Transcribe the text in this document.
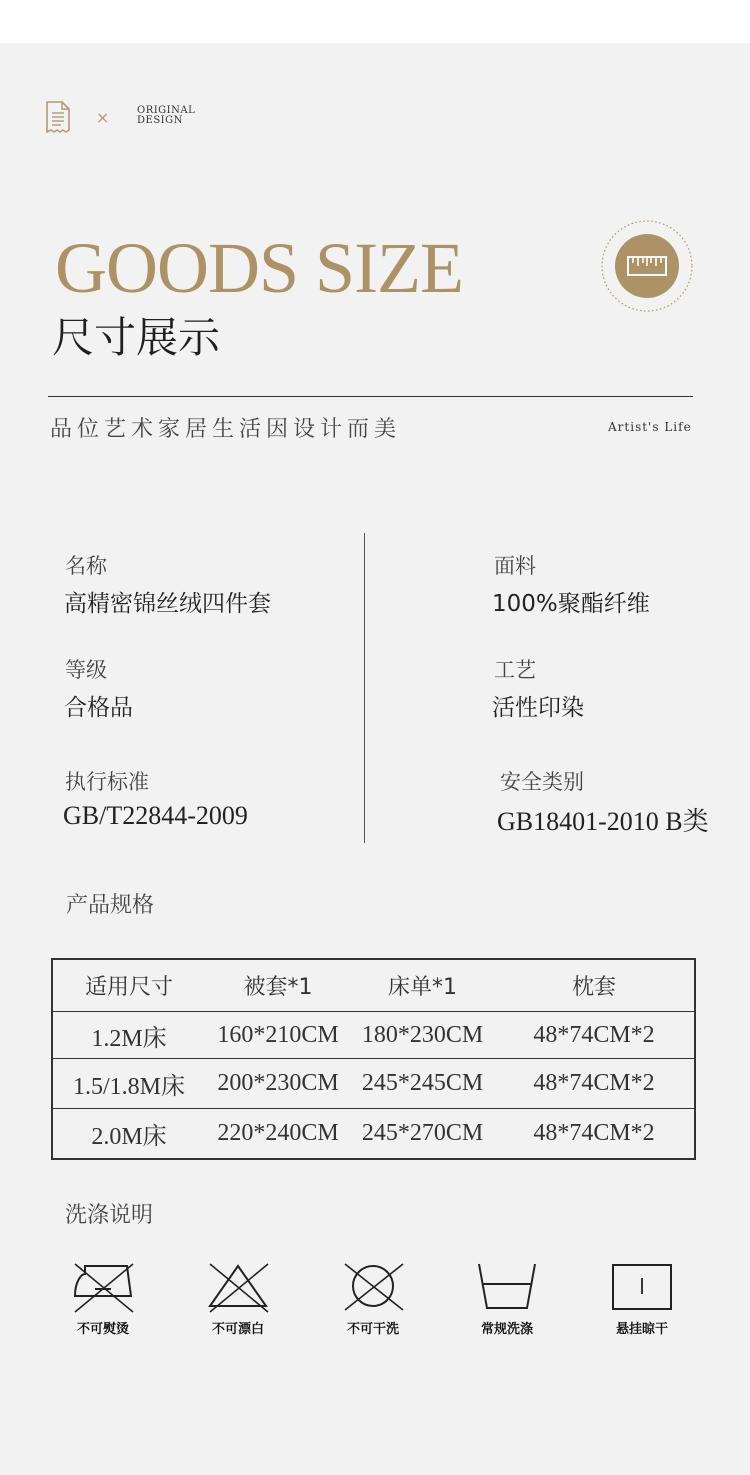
×	ORIGINAL
DESIGN
GOODS SIZE
尺寸展示
品位艺术家居生活因设计而美	Artist's Life
名称
高精密锦丝绒四件套
面料
100%聚酯纤维
等级
合格品
工艺
活性印染
执行标准
GB/T22844-2009
安全类别
GB18401-2010 B类
产品规格
适用尺寸	被套*1	床单*1	枕套
1.2M床	160*210CM	180*230CM	48*74CM*2
1.5/1.8M床	200*230CM	245*245CM	48*74CM*2
2.0M床	220*240CM	245*270CM	48*74CM*2
洗涤说明
不可熨烫	不可漂白	不可干洗	常规洗涤	悬挂晾干
